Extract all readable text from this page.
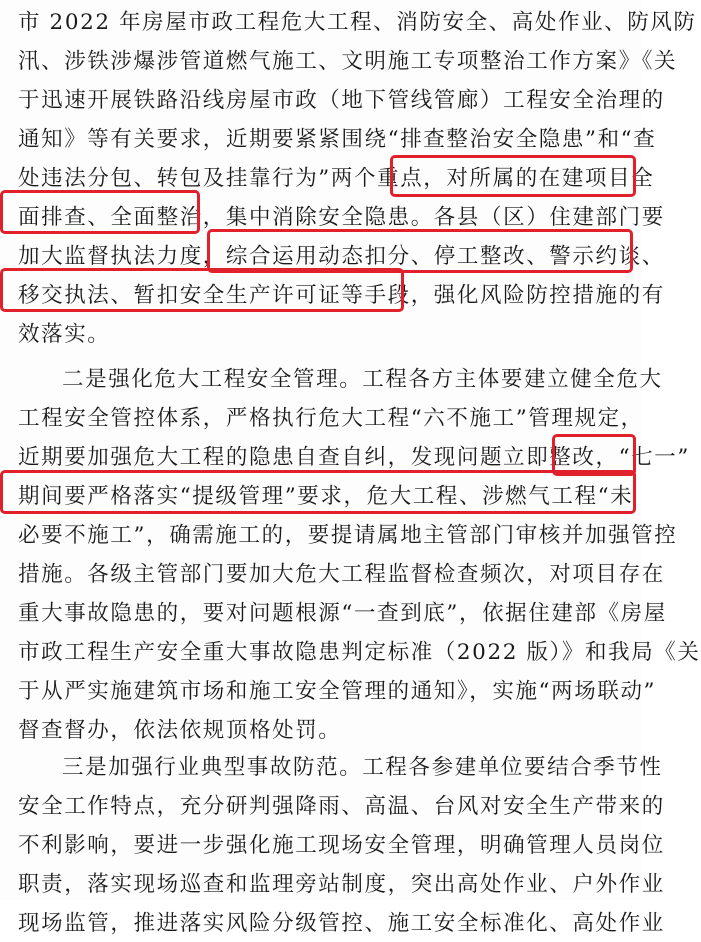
市 2022 年房屋市政工程危大工程、消防安全、高处作业、防风防
汛、涉铁涉爆涉管道燃气施工、文明施工专项整治工作方案》《关
于迅速开展铁路沿线房屋市政（地下管线管廊）工程安全治理的
通知》等有关要求，近期要紧紧围绕“排查整治安全隐患”和“查
处违法分包、转包及挂靠行为”两个重点，对所属的在建项目全
面排查、全面整治，集中消除安全隐患。各县（区）住建部门要
加大监督执法力度，综合运用动态扣分、停工整改、警示约谈、
移交执法、暂扣安全生产许可证等手段，强化风险防控措施的有
效落实。
二是强化危大工程安全管理。工程各方主体要建立健全危大
工程安全管控体系，严格执行危大工程“六不施工”管理规定，
近期要加强危大工程的隐患自查自纠，发现问题立即整改，“七一”
期间要严格落实“提级管理”要求，危大工程、涉燃气工程“未
必要不施工”，确需施工的，要提请属地主管部门审核并加强管控
措施。各级主管部门要加大危大工程监督检查频次，对项目存在
重大事故隐患的，要对问题根源“一查到底”，依据住建部《房屋
市政工程生产安全重大事故隐患判定标准（2022 版）》和我局《关
于从严实施建筑市场和施工安全管理的通知》，实施“两场联动”
督查督办，依法依规顶格处罚。
三是加强行业典型事故防范。工程各参建单位要结合季节性
安全工作特点，充分研判强降雨、高温、台风对安全生产带来的
不利影响，要进一步强化施工现场安全管理，明确管理人员岗位
职责，落实现场巡查和监理旁站制度，突出高处作业、户外作业
现场监管，推进落实风险分级管控、施工安全标准化、高处作业
